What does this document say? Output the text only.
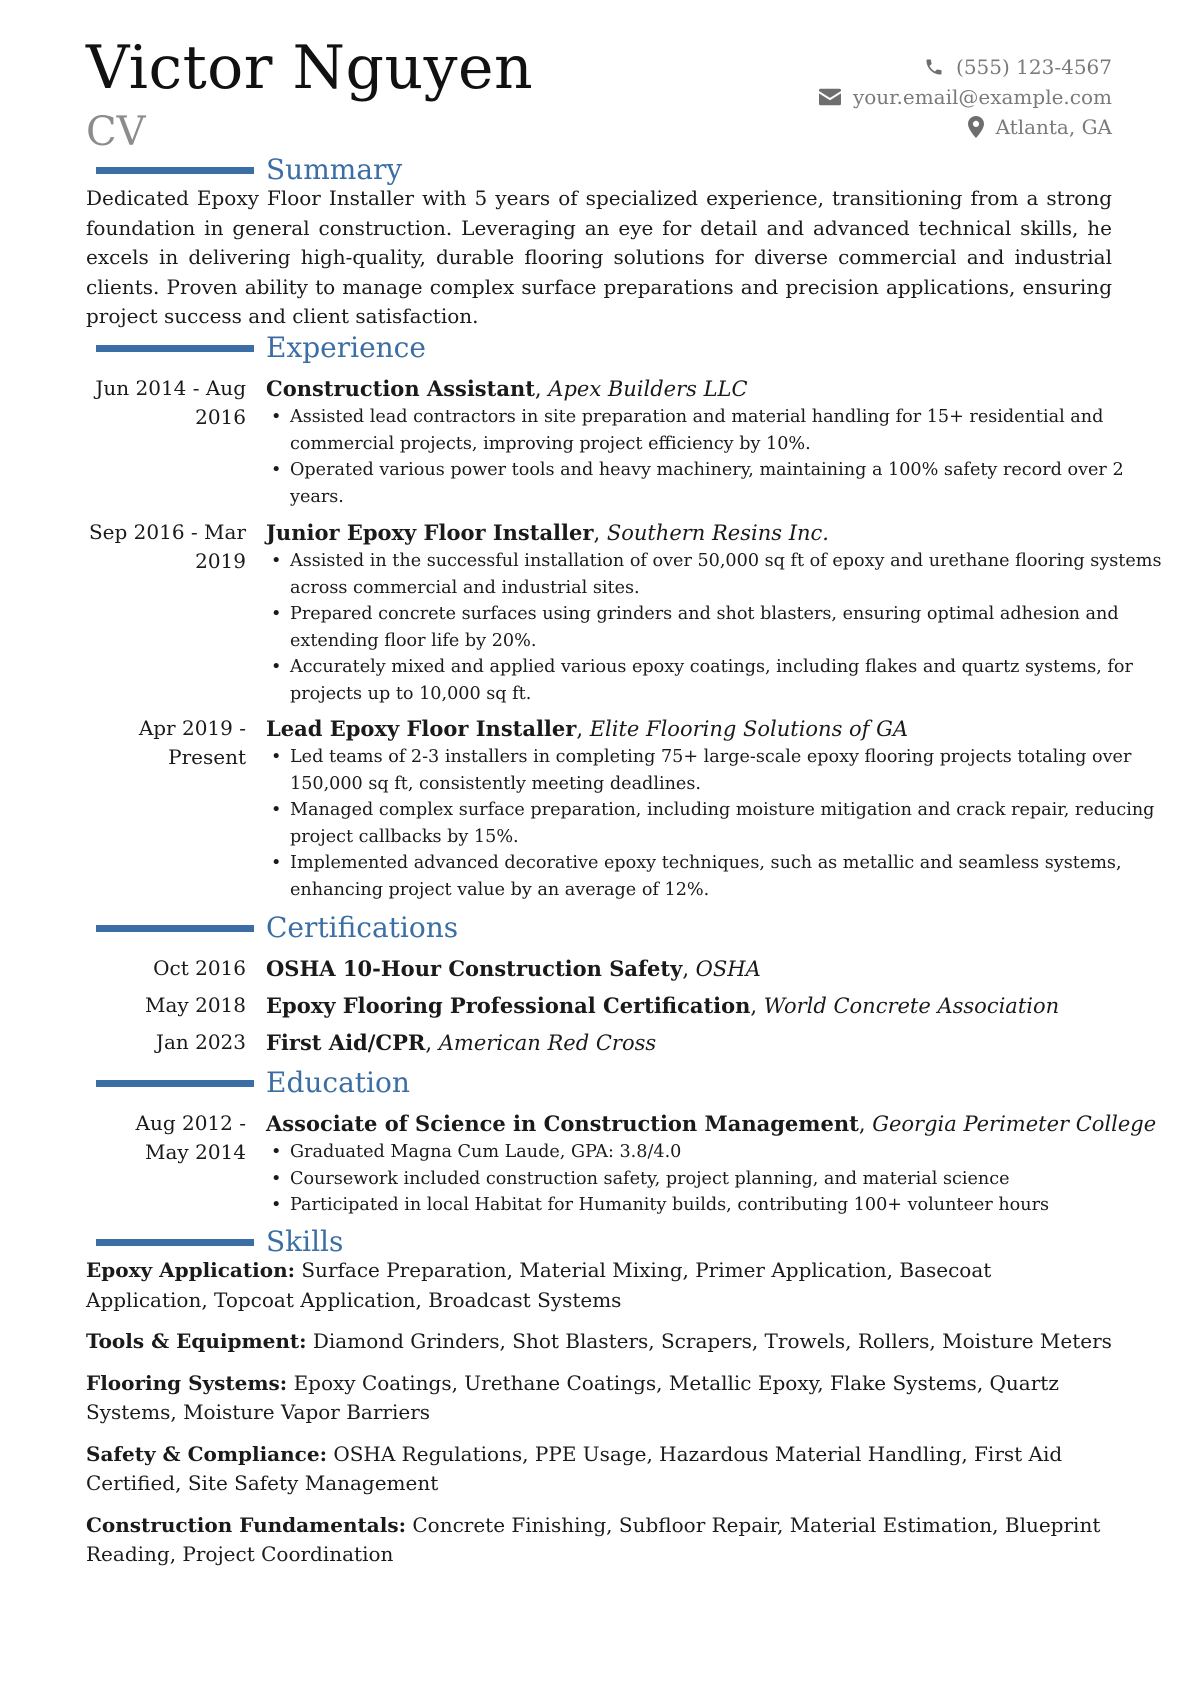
Victor Nguyen
CV
(555) 123-4567
your.email@example.com
Atlanta, GA
Summary
Dedicated Epoxy Floor Installer with 5 years of specialized experience, transitioning from a strong foundation in general construction. Leveraging an eye for detail and advanced technical skills, he excels in delivering high-quality, durable flooring solutions for diverse commercial and industrial clients. Proven ability to manage complex surface preparations and precision applications, ensuring project success and client satisfaction.
Experience
Jun 2014 - Aug
2016
Construction Assistant, Apex Builders LLC
• Assisted lead contractors in site preparation and material handling for 15+ residential and commercial projects, improving project efficiency by 10%.
• Operated various power tools and heavy machinery, maintaining a 100% safety record over 2 years.
Sep 2016 - Mar
2019
Junior Epoxy Floor Installer, Southern Resins Inc.
• Assisted in the successful installation of over 50,000 sq ft of epoxy and urethane flooring systems across commercial and industrial sites.
• Prepared concrete surfaces using grinders and shot blasters, ensuring optimal adhesion and extending floor life by 20%.
• Accurately mixed and applied various epoxy coatings, including flakes and quartz systems, for projects up to 10,000 sq ft.
Apr 2019 -
Present
Lead Epoxy Floor Installer, Elite Flooring Solutions of GA
• Led teams of 2-3 installers in completing 75+ large-scale epoxy flooring projects totaling over 150,000 sq ft, consistently meeting deadlines.
• Managed complex surface preparation, including moisture mitigation and crack repair, reducing project callbacks by 15%.
• Implemented advanced decorative epoxy techniques, such as metallic and seamless systems, enhancing project value by an average of 12%.
Certifications
Oct 2016 OSHA 10-Hour Construction Safety, OSHA
May 2018 Epoxy Flooring Professional Certification, World Concrete Association
Jan 2023 First Aid/CPR, American Red Cross
Education
Aug 2012 -
May 2014
Associate of Science in Construction Management, Georgia Perimeter College
• Graduated Magna Cum Laude, GPA: 3.8/4.0
• Coursework included construction safety, project planning, and material science
• Participated in local Habitat for Humanity builds, contributing 100+ volunteer hours
Skills
Epoxy Application: Surface Preparation, Material Mixing, Primer Application, Basecoat Application, Topcoat Application, Broadcast Systems
Tools & Equipment: Diamond Grinders, Shot Blasters, Scrapers, Trowels, Rollers, Moisture Meters
Flooring Systems: Epoxy Coatings, Urethane Coatings, Metallic Epoxy, Flake Systems, Quartz Systems, Moisture Vapor Barriers
Safety & Compliance: OSHA Regulations, PPE Usage, Hazardous Material Handling, First Aid Certified, Site Safety Management
Construction Fundamentals: Concrete Finishing, Subfloor Repair, Material Estimation, Blueprint Reading, Project Coordination
